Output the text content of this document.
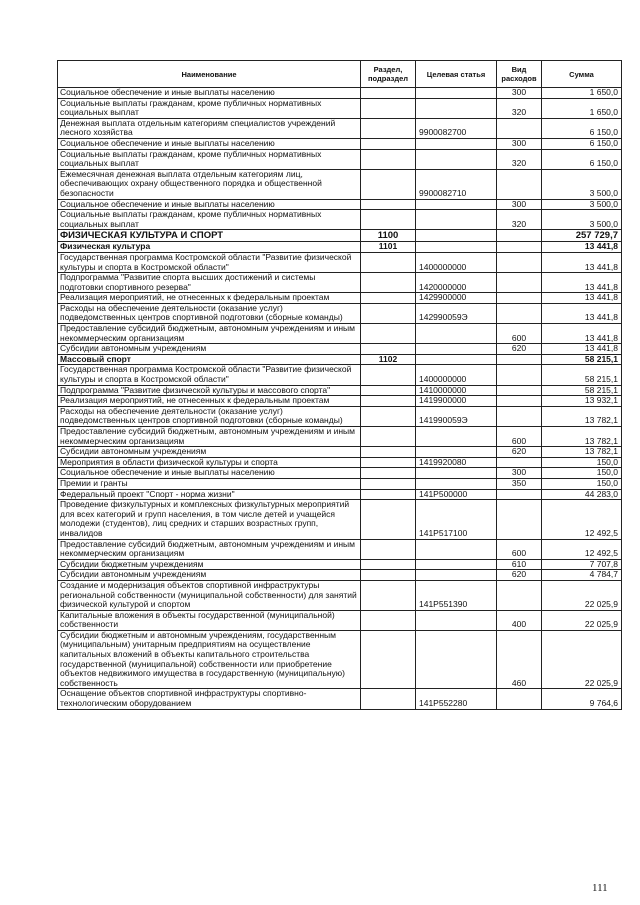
Наименование	Раздел, подраздел	Целевая статья	Вид расходов	Сумма
Социальное обеспечение и иные выплаты населению			300	1 650,0
Социальные выплаты гражданам, кроме публичных нормативных социальных выплат			320	1 650,0
Денежная выплата отдельным категориям специалистов учреждений лесного хозяйства		9900082700		6 150,0
Социальное обеспечение и иные выплаты населению			300	6 150,0
Социальные выплаты гражданам, кроме публичных нормативных социальных выплат			320	6 150,0
Ежемесячная денежная выплата отдельным категориям лиц, обеспечивающих охрану общественного порядка и общественной безопасности		9900082710		3 500,0
Социальное обеспечение и иные выплаты населению			300	3 500,0
Социальные выплаты гражданам, кроме публичных нормативных социальных выплат			320	3 500,0
ФИЗИЧЕСКАЯ КУЛЬТУРА И СПОРТ	1100			257 729,7
Физическая культура	1101			13 441,8
Государственная программа Костромской области "Развитие физической культуры и спорта в Костромской области"		1400000000		13 441,8
Подпрограмма "Развитие спорта высших достижений и системы подготовки спортивного резерва"		1420000000		13 441,8
Реализация мероприятий, не отнесенных к федеральным проектам		1429900000		13 441,8
Расходы на обеспечение деятельности (оказание услуг) подведомственных центров спортивной подготовки (сборные команды)		142990059Э		13 441,8
Предоставление субсидий бюджетным, автономным учреждениям и иным некоммерческим организациям			600	13 441,8
Субсидии автономным учреждениям			620	13 441,8
Массовый спорт	1102			58 215,1
Государственная программа Костромской области "Развитие физической культуры и спорта в Костромской области"		1400000000		58 215,1
Подпрограмма "Развитие физической культуры и массового спорта"		1410000000		58 215,1
Реализация мероприятий, не отнесенных к федеральным проектам		1419900000		13 932,1
Расходы на обеспечение деятельности (оказание услуг) подведомственных центров спортивной подготовки (сборные команды)		141990059Э		13 782,1
Предоставление субсидий бюджетным, автономным учреждениям и иным некоммерческим организациям			600	13 782,1
Субсидии автономным учреждениям			620	13 782,1
Мероприятия в области физической культуры и спорта		1419920080		150,0
Социальное обеспечение и иные выплаты населению			300	150,0
Премии и гранты			350	150,0
Федеральный проект "Спорт - норма жизни"		141P500000		44 283,0
Проведение физкультурных и комплексных физкультурных мероприятий для всех категорий и групп населения, в том числе детей и учащейся молодежи (студентов), лиц средних и старших возрастных групп, инвалидов		141P517100		12 492,5
Предоставление субсидий бюджетным, автономным учреждениям и иным некоммерческим организациям			600	12 492,5
Субсидии бюджетным учреждениям			610	7 707,8
Субсидии автономным учреждениям			620	4 784,7
Создание и модернизация объектов спортивной инфраструктуры региональной собственности (муниципальной собственности) для занятий физической культурой и спортом		141P551390		22 025,9
Капитальные вложения в объекты государственной (муниципальной) собственности			400	22 025,9
Субсидии бюджетным и автономным учреждениям, государственным (муниципальным) унитарным предприятиям на осуществление капитальных вложений в объекты капитального строительства государственной (муниципальной) собственности или приобретение объектов недвижимого имущества в государственную (муниципальную) собственность			460	22 025,9
Оснащение объектов спортивной инфраструктуры спортивно-технологическим оборудованием		141P552280		9 764,6
111
